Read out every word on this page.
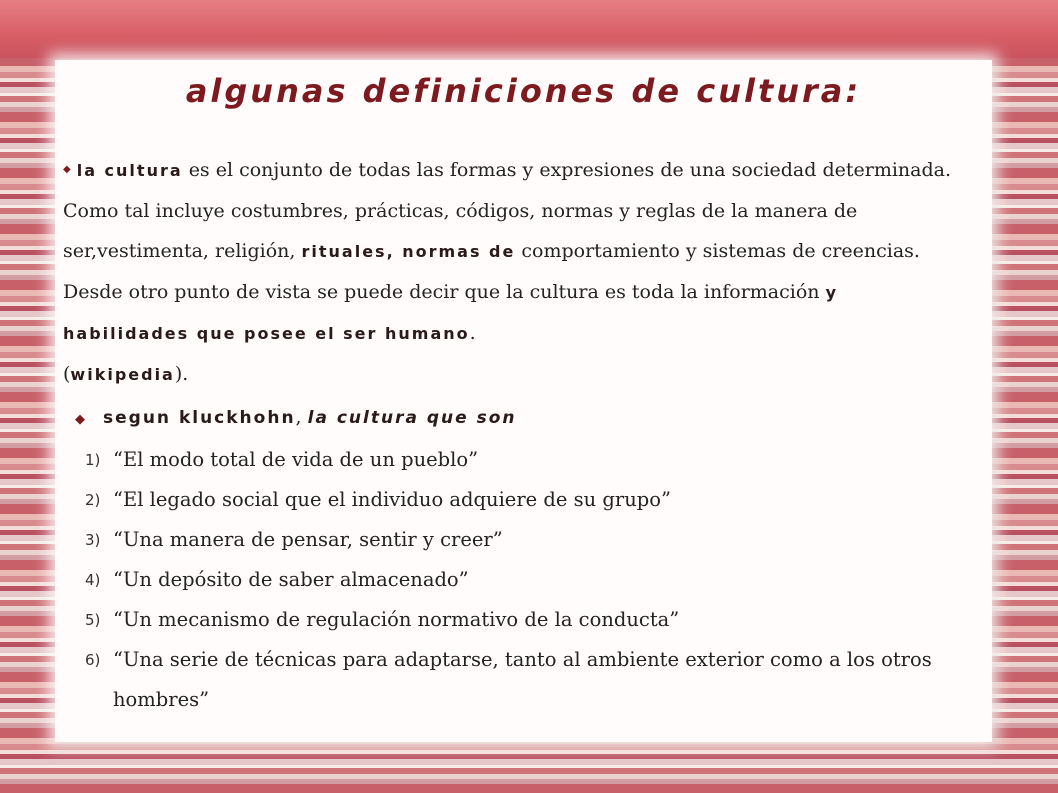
algunas definiciones de cultura:

◆ la cultura es el conjunto de todas las formas y expresiones de una sociedad determinada. Como tal incluye costumbres, prácticas, códigos, normas y reglas de la manera de ser,vestimenta, religión, rituales, normas de comportamiento y sistemas de creencias. Desde otro punto de vista se puede decir que la cultura es toda la información y habilidades que posee el ser humano.
(wikipedia).

◆ segun kluckhohn, la cultura que son

1) “El modo total de vida de un pueblo”
2) “El legado social que el individuo adquiere de su grupo”
3) “Una manera de pensar, sentir y creer”
4) “Un depósito de saber almacenado”
5) “Un mecanismo de regulación normativo de la conducta”
6) “Una serie de técnicas para adaptarse, tanto al ambiente exterior como a los otros hombres”
